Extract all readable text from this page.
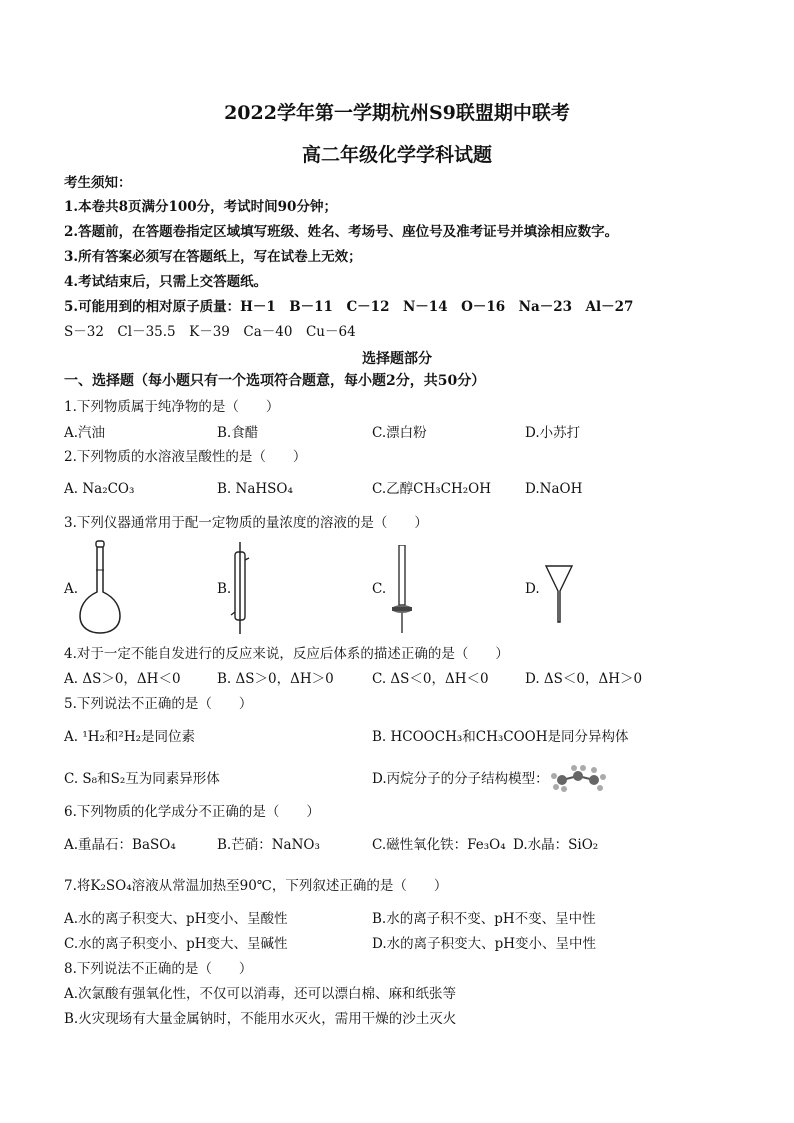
2022学年第一学期杭州S9联盟期中联考
高二年级化学学科试题
考生须知：
1.本卷共8页满分100分，考试时间90分钟；
2.答题前，在答题卷指定区域填写班级、姓名、考场号、座位号及准考证号并填涂相应数字。
3.所有答案必须写在答题纸上，写在试卷上无效；
4.考试结束后，只需上交答题纸。
5.可能用到的相对原子质量：H－1　B－11　C－12　N－14　O－16　Na－23　Al－27
S－32　Cl－35.5　K－39　Ca－40　Cu－64
选择题部分
一、选择题（每小题只有一个选项符合题意，每小题2分，共50分）
1.下列物质属于纯净物的是（　　）
A.汽油	B.食醋	C.漂白粉	D.小苏打
2.下列物质的水溶液呈酸性的是（　　）
A. Na₂CO₃	B. NaHSO₄	C.乙醇CH₃CH₂OH	D.NaOH
3.下列仪器通常用于配一定物质的量浓度的溶液的是（　　）
A.	B.	C.	D.
4.对于一定不能自发进行的反应来说，反应后体系的描述正确的是（　　）
A. ΔS＞0，ΔH＜0	B. ΔS＞0，ΔH＞0	C. ΔS＜0，ΔH＜0	D. ΔS＜0，ΔH＞0
5.下列说法不正确的是（　　）
A. ¹H₂和²H₂是同位素	B. HCOOCH₃和CH₃COOH是同分异构体
C. S₈和S₂互为同素异形体	D.丙烷分子的分子结构模型：
6.下列物质的化学成分不正确的是（　　）
A.重晶石：BaSO₄	B.芒硝：NaNO₃	C.磁性氧化铁：Fe₃O₄ D.水晶：SiO₂
7.将K₂SO₄溶液从常温加热至90℃，下列叙述正确的是（　　）
A.水的离子积变大、pH变小、呈酸性	B.水的离子积不变、pH不变、呈中性
C.水的离子积变小、pH变大、呈碱性	D.水的离子积变大、pH变小、呈中性
8.下列说法不正确的是（　　）
A.次氯酸有强氧化性，不仅可以消毒，还可以漂白棉、麻和纸张等
B.火灾现场有大量金属钠时，不能用水灭火，需用干燥的沙土灭火
